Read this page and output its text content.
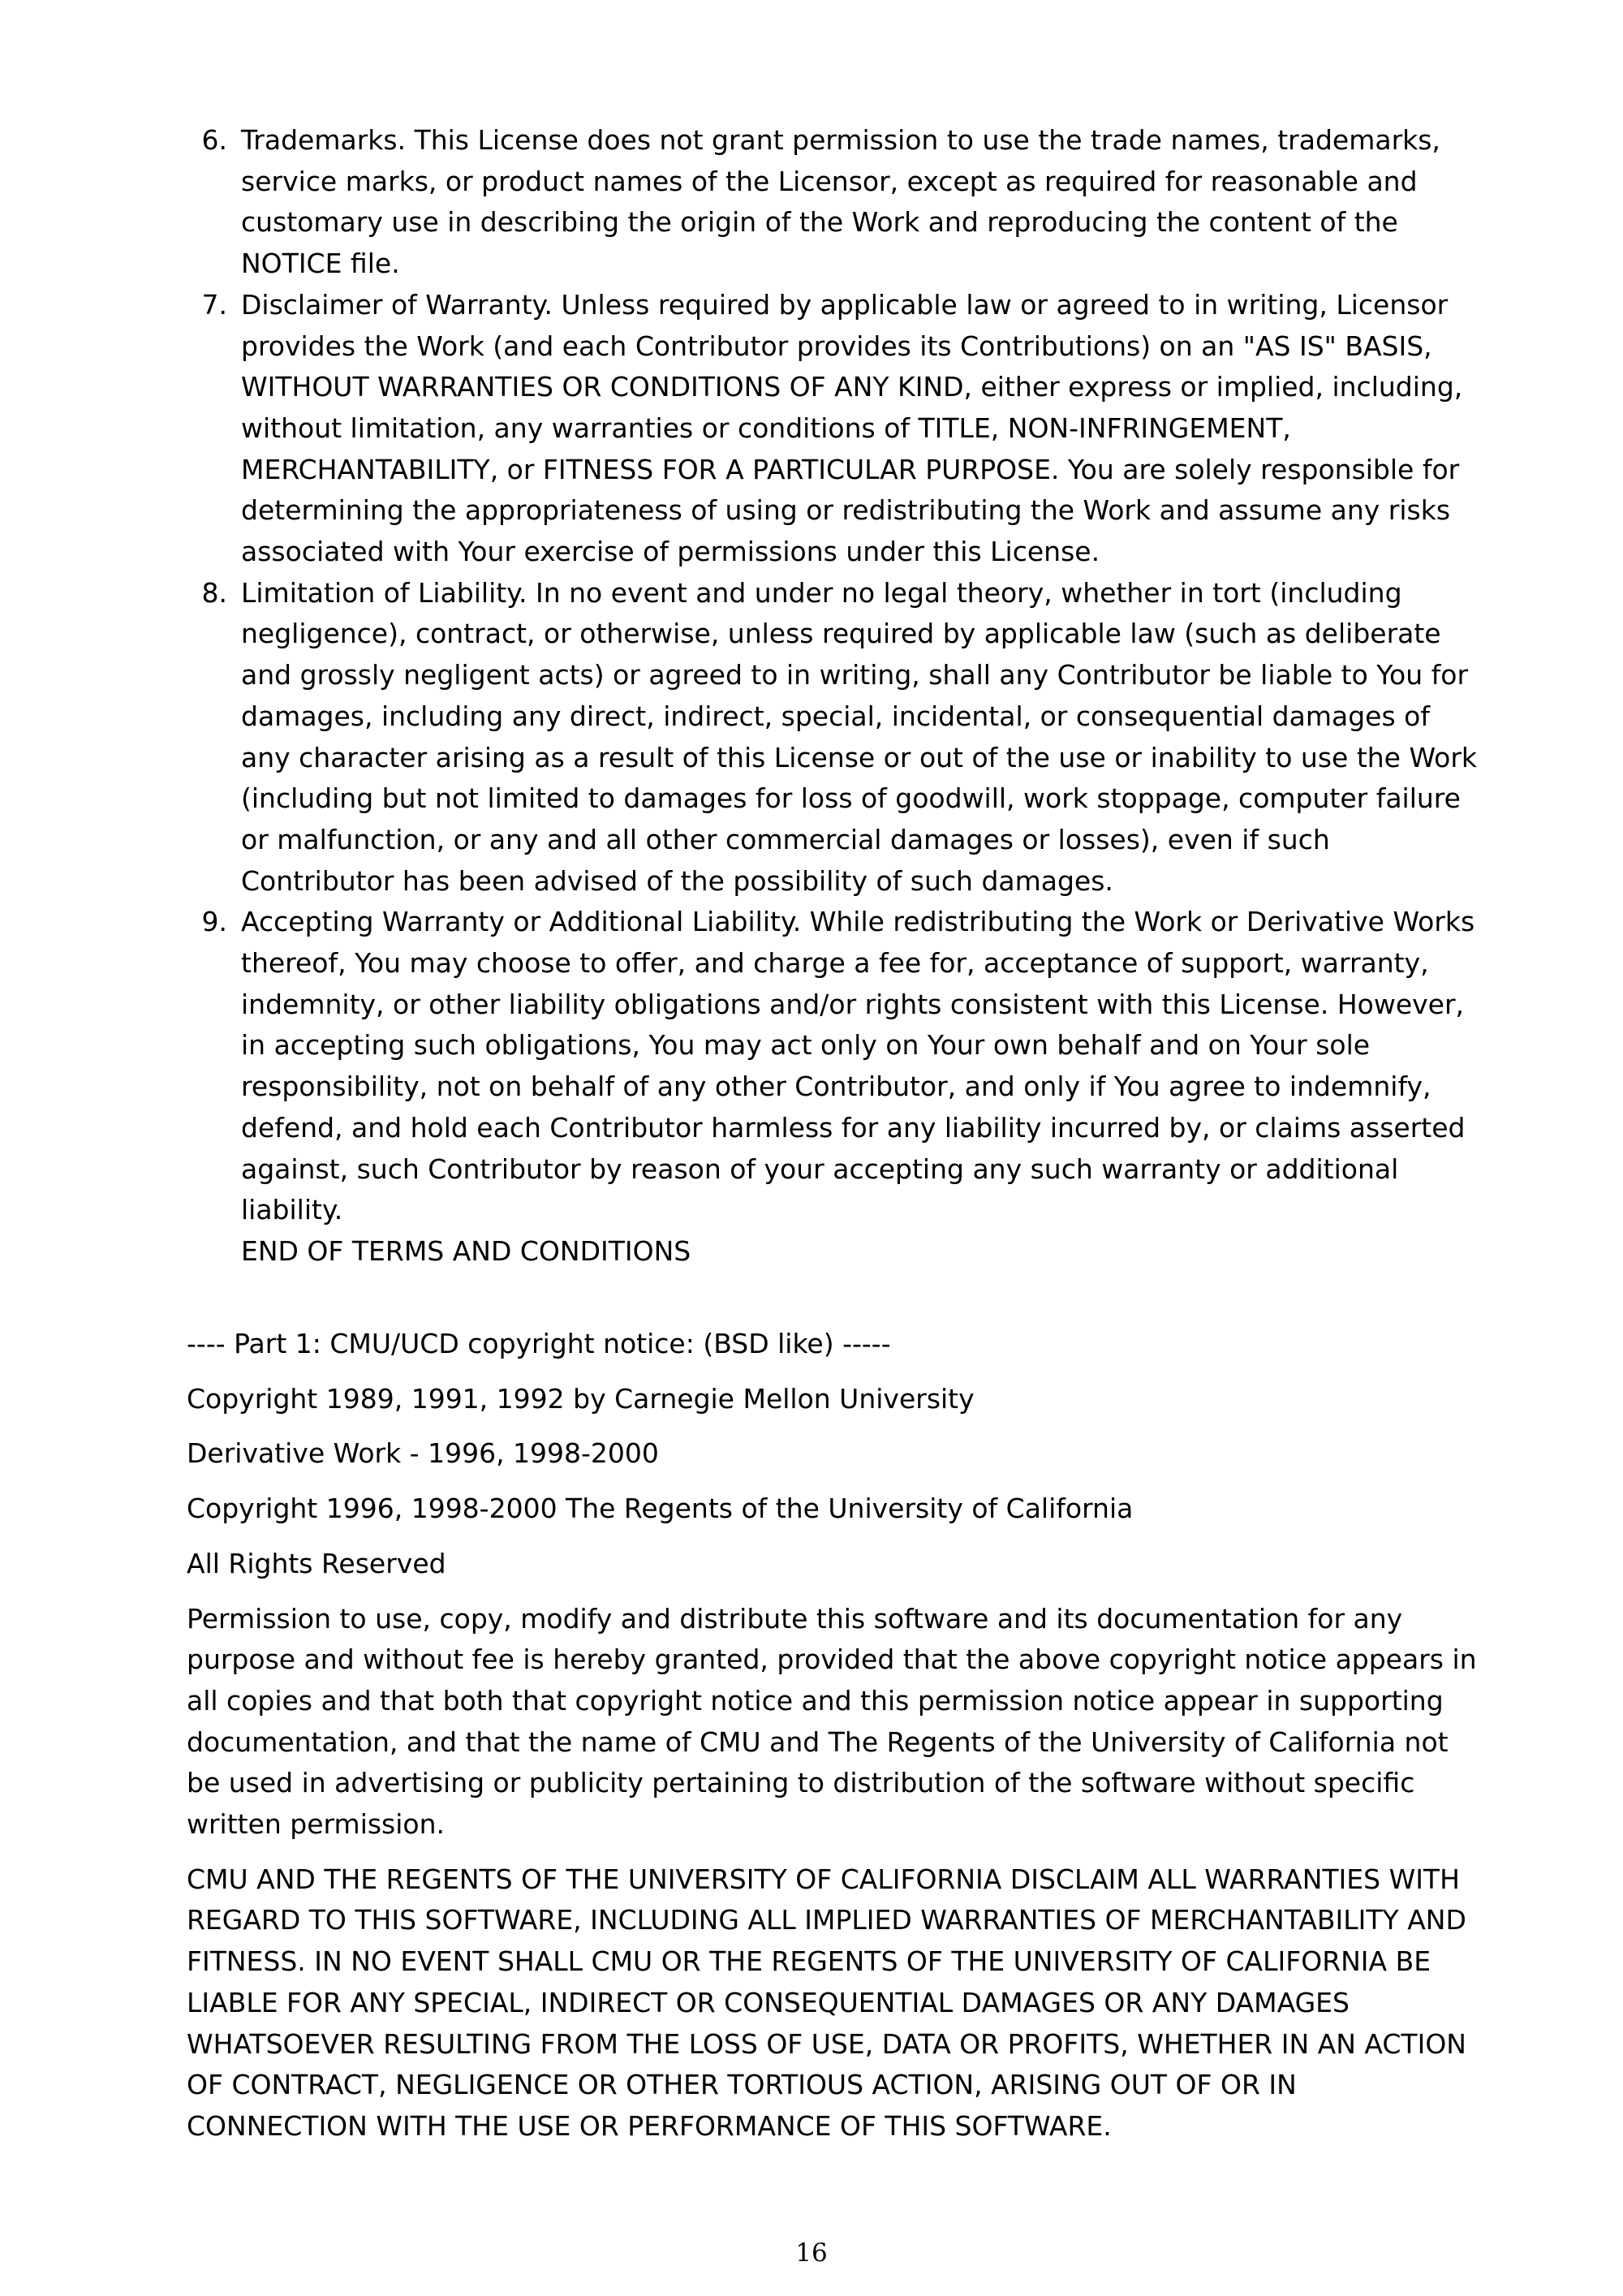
6. Trademarks. This License does not grant permission to use the trade names, trademarks, service marks, or product names of the Licensor, except as required for reasonable and customary use in describing the origin of the Work and reproducing the content of the NOTICE file.
7. Disclaimer of Warranty. Unless required by applicable law or agreed to in writing, Licensor provides the Work (and each Contributor provides its Contributions) on an "AS IS" BASIS, WITHOUT WARRANTIES OR CONDITIONS OF ANY KIND, either express or implied, including, without limitation, any warranties or conditions of TITLE, NON-INFRINGEMENT, MERCHANTABILITY, or FITNESS FOR A PARTICULAR PURPOSE. You are solely responsible for determining the appropriateness of using or redistributing the Work and assume any risks associated with Your exercise of permissions under this License.
8. Limitation of Liability. In no event and under no legal theory, whether in tort (including negligence), contract, or otherwise, unless required by applicable law (such as deliberate and grossly negligent acts) or agreed to in writing, shall any Contributor be liable to You for damages, including any direct, indirect, special, incidental, or consequential damages of any character arising as a result of this License or out of the use or inability to use the Work (including but not limited to damages for loss of goodwill, work stoppage, computer failure or malfunction, or any and all other commercial damages or losses), even if such Contributor has been advised of the possibility of such damages.
9. Accepting Warranty or Additional Liability. While redistributing the Work or Derivative Works thereof, You may choose to offer, and charge a fee for, acceptance of support, warranty, indemnity, or other liability obligations and/or rights consistent with this License. However, in accepting such obligations, You may act only on Your own behalf and on Your sole responsibility, not on behalf of any other Contributor, and only if You agree to indemnify, defend, and hold each Contributor harmless for any liability incurred by, or claims asserted against, such Contributor by reason of your accepting any such warranty or additional liability.
END OF TERMS AND CONDITIONS

---- Part 1: CMU/UCD copyright notice: (BSD like) -----

Copyright 1989, 1991, 1992 by Carnegie Mellon University

Derivative Work - 1996, 1998-2000

Copyright 1996, 1998-2000 The Regents of the University of California

All Rights Reserved

Permission to use, copy, modify and distribute this software and its documentation for any purpose and without fee is hereby granted, provided that the above copyright notice appears in all copies and that both that copyright notice and this permission notice appear in supporting documentation, and that the name of CMU and The Regents of the University of California not be used in advertising or publicity pertaining to distribution of the software without specific written permission.

CMU AND THE REGENTS OF THE UNIVERSITY OF CALIFORNIA DISCLAIM ALL WARRANTIES WITH REGARD TO THIS SOFTWARE, INCLUDING ALL IMPLIED WARRANTIES OF MERCHANTABILITY AND FITNESS. IN NO EVENT SHALL CMU OR THE REGENTS OF THE UNIVERSITY OF CALIFORNIA BE LIABLE FOR ANY SPECIAL, INDIRECT OR CONSEQUENTIAL DAMAGES OR ANY DAMAGES WHATSOEVER RESULTING FROM THE LOSS OF USE, DATA OR PROFITS, WHETHER IN AN ACTION OF CONTRACT, NEGLIGENCE OR OTHER TORTIOUS ACTION, ARISING OUT OF OR IN CONNECTION WITH THE USE OR PERFORMANCE OF THIS SOFTWARE.

16
